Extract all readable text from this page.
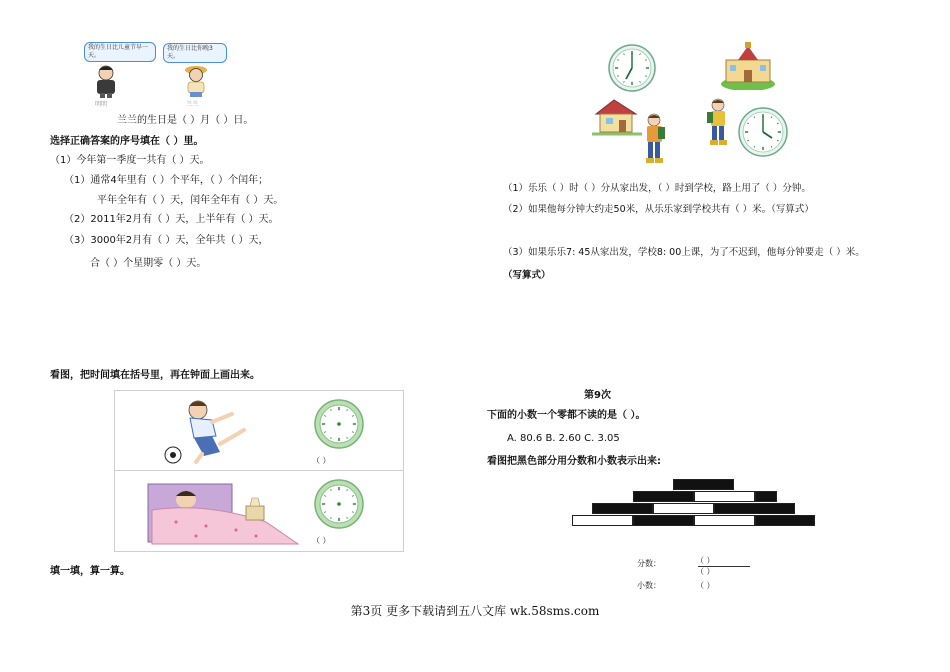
我的生日比儿童节早一天。
我的生日比你晚3天。
明明	兰兰
兰兰的生日是（ ）月（ ）日。
选择正确答案的序号填在（ ）里。
（1）今年第一季度一共有（ ）天。
（1）通常4年里有（ ）个平年，（ ）个闰年；
平年全年有（ ）天，闰年全年有（ ）天。
（2）2011年2月有（ ）天，上半年有（ ）天。
（3）3000年2月有（ ）天，全年共（ ）天，
合（ ）个星期零（ ）天。
看图，把时间填在括号里，再在钟面上画出来。
（ ）
（ ）
填一填，算一算。
（1）乐乐（ ）时（ ）分从家出发，（ ）时到学校，路上用了（ ）分钟。
（2）如果他每分钟大约走50米，从乐乐家到学校共有（ ）米。（写算式）
（3）如果乐乐7: 45从家出发，学校8: 00上课，为了不迟到，他每分钟要走（ ）米。
（写算式）
第9次
下面的小数一个零都不读的是（ ）。
A. 80.6 B. 2.60 C. 3.05
看图把黑色部分用分数和小数表示出来:
分数：	（ ）
（ ）
小数：	（ ）
第3页 更多下载请到五八文库 wk.58sms.com
